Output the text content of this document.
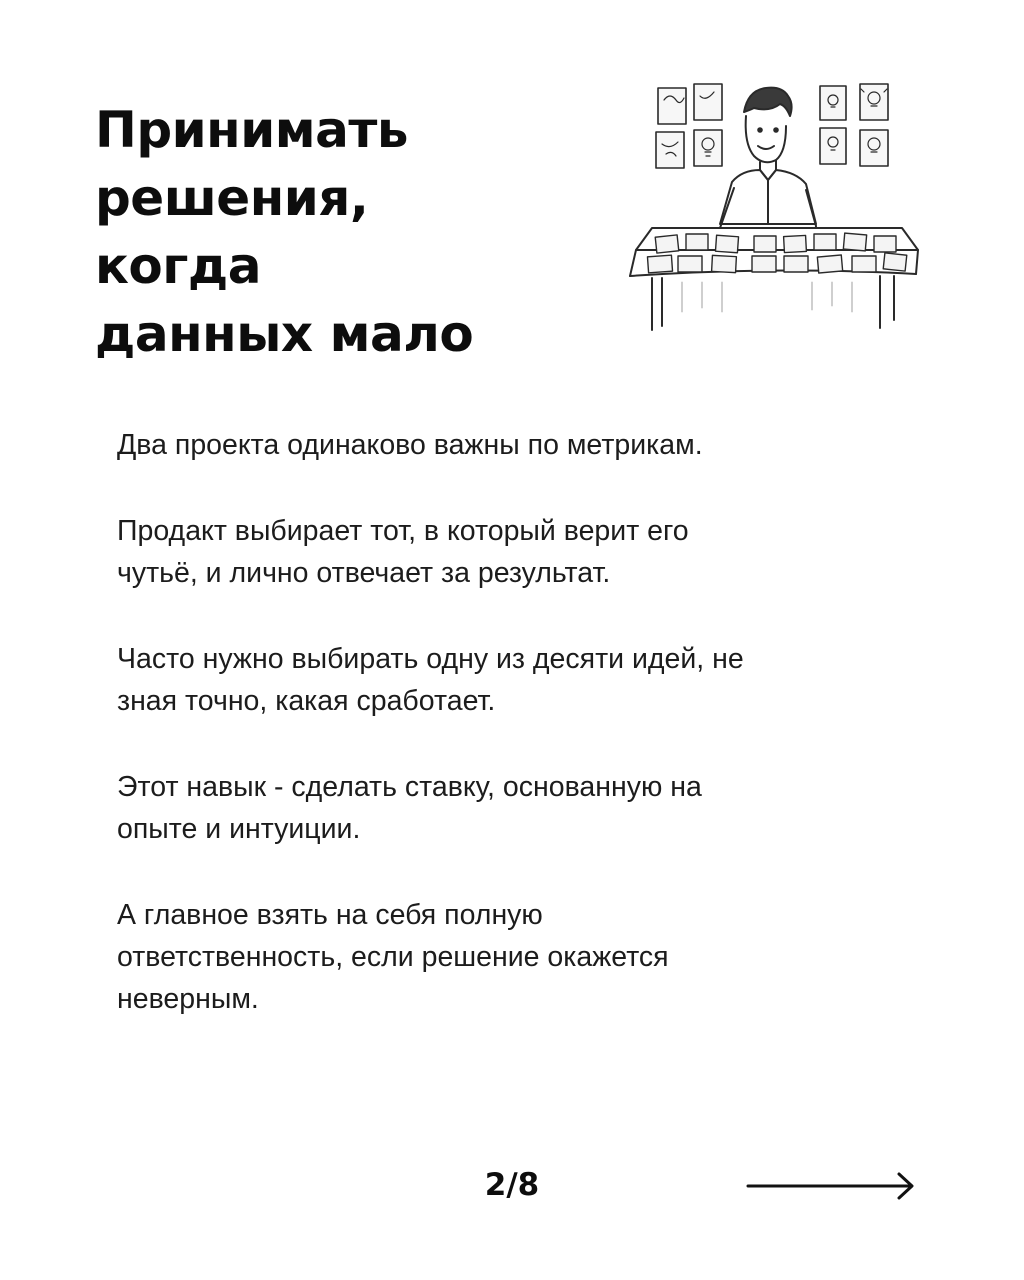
Принимать
решения,
когда
данных мало

Два проекта одинаково важны по метрикам.

Продакт выбирает тот, в который верит его
чутьё, и лично отвечает за результат.

Часто нужно выбирать одну из десяти идей, не
зная точно, какая сработает.

Этот навык - сделать ставку, основанную на
опыте и интуиции.

А главное взять на себя полную
ответственность, если решение окажется
неверным.

2/8
